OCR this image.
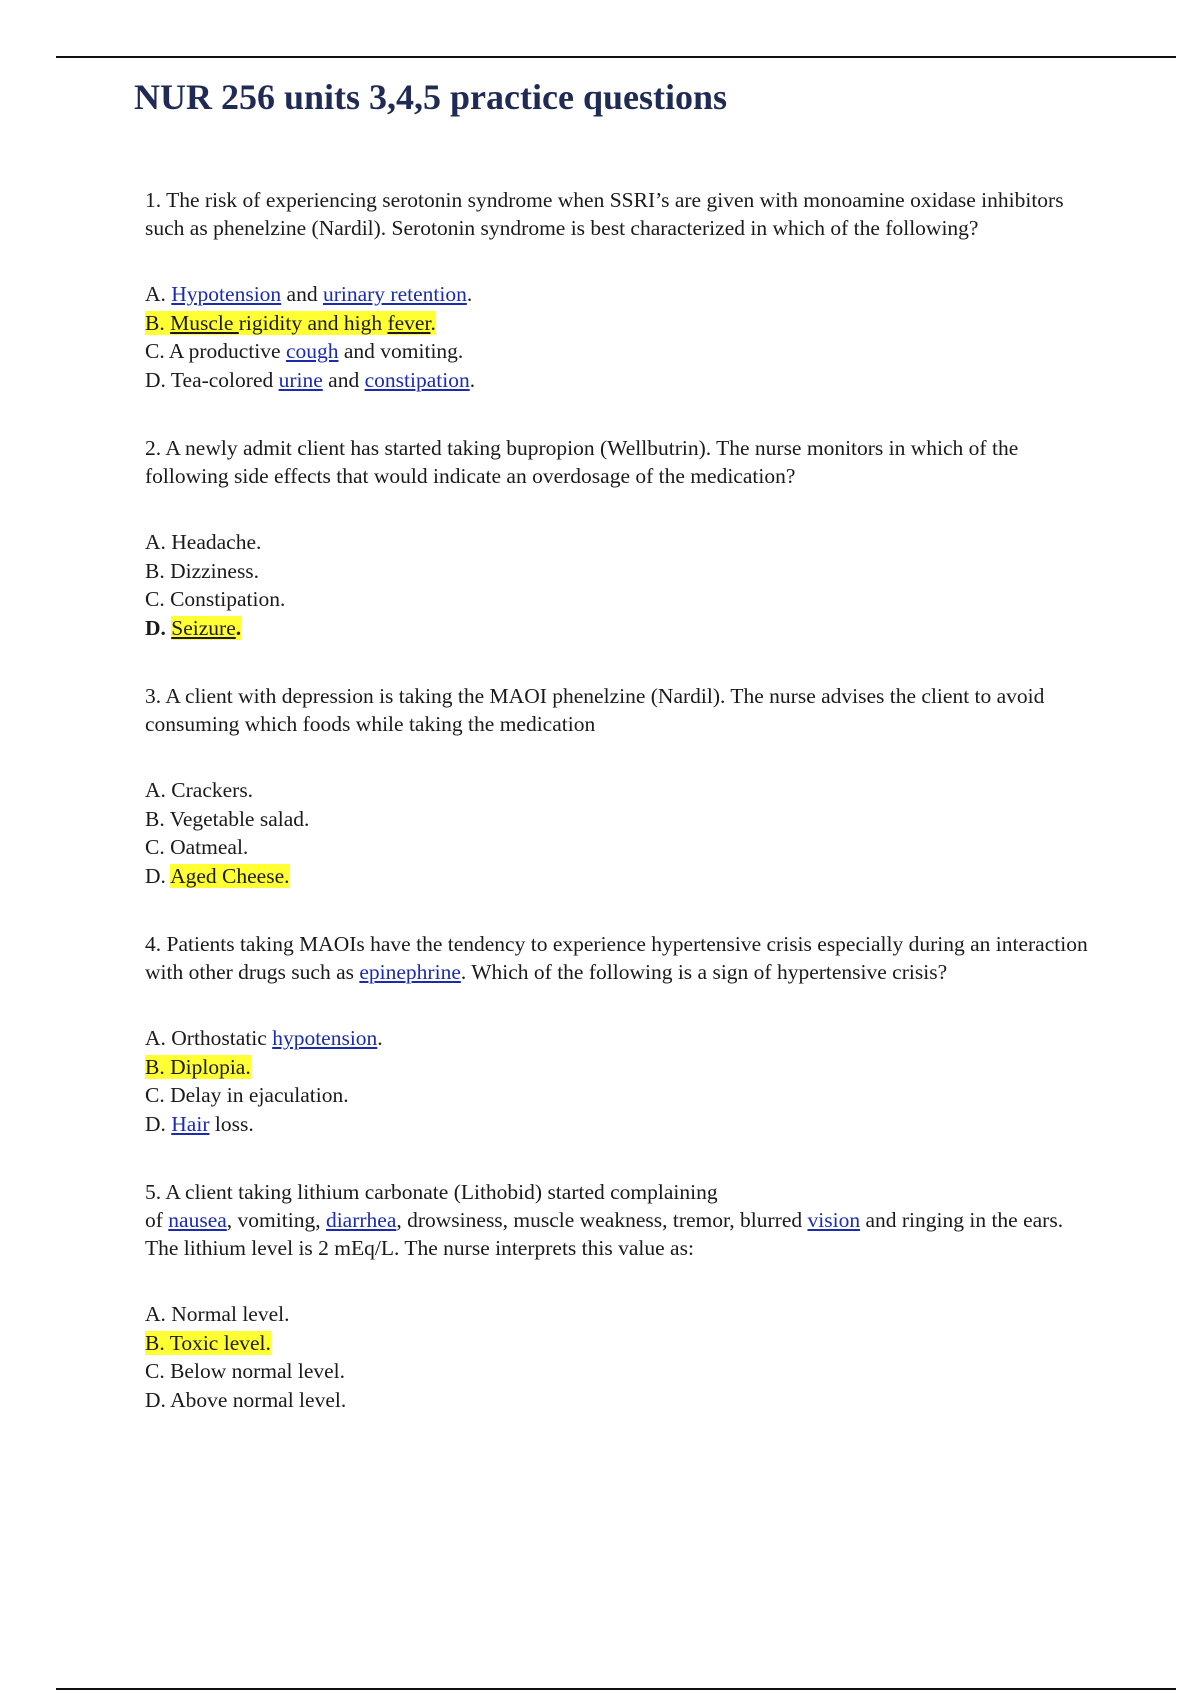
NUR 256 units 3,4,5 practice questions

1. The risk of experiencing serotonin syndrome when SSRI’s are given with monoamine oxidase inhibitors such as phenelzine (Nardil). Serotonin syndrome is best characterized in which of the following?

A. Hypotension and urinary retention.
B. Muscle rigidity and high fever.
C. A productive cough and vomiting.
D. Tea-colored urine and constipation.

2. A newly admit client has started taking bupropion (Wellbutrin). The nurse monitors in which of the following side effects that would indicate an overdosage of the medication?

A. Headache.
B. Dizziness.
C. Constipation.
D. Seizure.

3. A client with depression is taking the MAOI phenelzine (Nardil). The nurse advises the client to avoid consuming which foods while taking the medication

A. Crackers.
B. Vegetable salad.
C. Oatmeal.
D. Aged Cheese.

4. Patients taking MAOIs have the tendency to experience hypertensive crisis especially during an interaction with other drugs such as epinephrine. Which of the following is a sign of hypertensive crisis?

A. Orthostatic hypotension.
B. Diplopia.
C. Delay in ejaculation.
D. Hair loss.

5. A client taking lithium carbonate (Lithobid) started complaining
of nausea, vomiting, diarrhea, drowsiness, muscle weakness, tremor, blurred vision and ringing in the ears. The lithium level is 2 mEq/L. The nurse interprets this value as:

A. Normal level.
B. Toxic level.
C. Below normal level.
D. Above normal level.
